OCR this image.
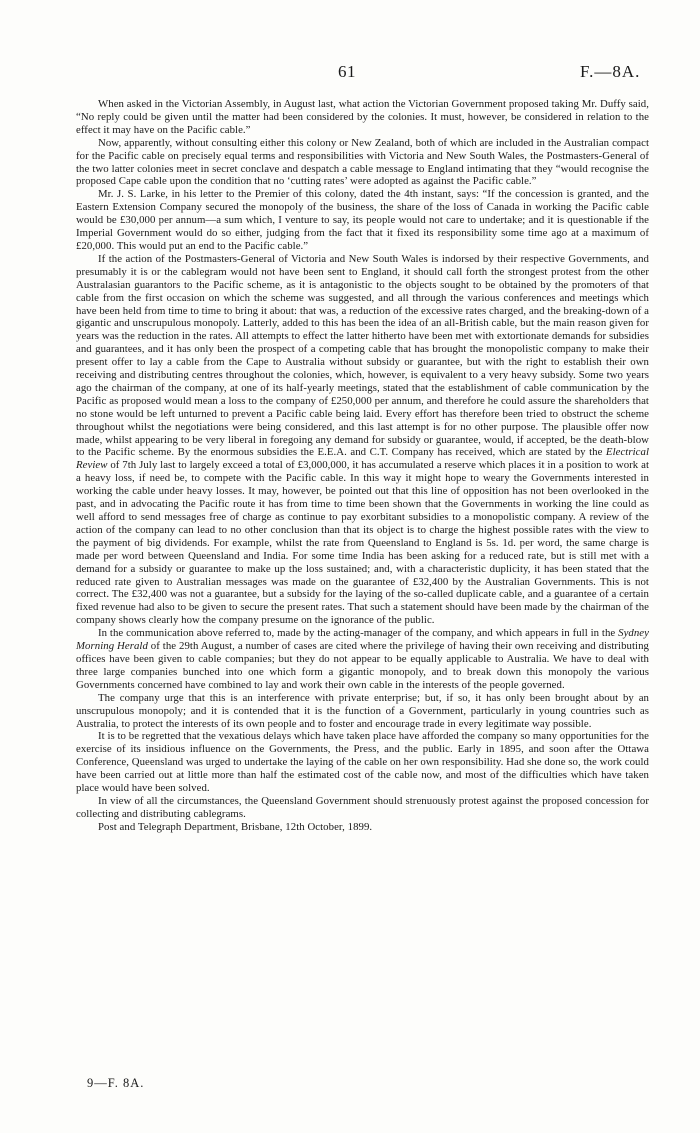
61	F.—8A.

When asked in the Victorian Assembly, in August last, what action the Victorian Government proposed taking Mr. Duffy said, “No reply could be given until the matter had been considered by the colonies. It must, however, be considered in relation to the effect it may have on the Pacific cable.”

Now, apparently, without consulting either this colony or New Zealand, both of which are included in the Australian compact for the Pacific cable on precisely equal terms and responsibilities with Victoria and New South Wales, the Postmasters-General of the two latter colonies meet in secret conclave and despatch a cable message to England intimating that they “would recognise the proposed Cape cable upon the condition that no ‘cutting rates’ were adopted as against the Pacific cable.”

Mr. J. S. Larke, in his letter to the Premier of this colony, dated the 4th instant, says: “If the concession is granted, and the Eastern Extension Company secured the monopoly of the business, the share of the loss of Canada in working the Pacific cable would be £30,000 per annum—a sum which, I venture to say, its people would not care to undertake; and it is questionable if the Imperial Government would do so either, judging from the fact that it fixed its responsibility some time ago at a maximum of £20,000. This would put an end to the Pacific cable.”

If the action of the Postmasters-General of Victoria and New South Wales is indorsed by their respective Governments, and presumably it is or the cablegram would not have been sent to England, it should call forth the strongest protest from the other Australasian guarantors to the Pacific scheme, as it is antagonistic to the objects sought to be obtained by the promoters of that cable from the first occasion on which the scheme was suggested, and all through the various conferences and meetings which have been held from time to time to bring it about: that was, a reduction of the excessive rates charged, and the breaking-down of a gigantic and unscrupulous monopoly. Latterly, added to this has been the idea of an all-British cable, but the main reason given for years was the reduction in the rates. All attempts to effect the latter hitherto have been met with extortionate demands for subsidies and guarantees, and it has only been the prospect of a competing cable that has brought the monopolistic company to make their present offer to lay a cable from the Cape to Australia without subsidy or guarantee, but with the right to establish their own receiving and distributing centres throughout the colonies, which, however, is equivalent to a very heavy subsidy. Some two years ago the chairman of the company, at one of its half-yearly meetings, stated that the establishment of cable communication by the Pacific as proposed would mean a loss to the company of £250,000 per annum, and therefore he could assure the shareholders that no stone would be left unturned to prevent a Pacific cable being laid. Every effort has therefore been tried to obstruct the scheme throughout whilst the negotiations were being considered, and this last attempt is for no other purpose. The plausible offer now made, whilst appearing to be very liberal in foregoing any demand for subsidy or guarantee, would, if accepted, be the death-blow to the Pacific scheme. By the enormous subsidies the E.E.A. and C.T. Company has received, which are stated by the Electrical Review of 7th July last to largely exceed a total of £3,000,000, it has accumulated a reserve which places it in a position to work at a heavy loss, if need be, to compete with the Pacific cable. In this way it might hope to weary the Governments interested in working the cable under heavy losses. It may, however, be pointed out that this line of opposition has not been overlooked in the past, and in advocating the Pacific route it has from time to time been shown that the Governments in working the line could as well afford to send messages free of charge as continue to pay exorbitant subsidies to a monopolistic company. A review of the action of the company can lead to no other conclusion than that its object is to charge the highest possible rates with the view to the payment of big dividends. For example, whilst the rate from Queensland to England is 5s. 1d. per word, the same charge is made per word between Queensland and India. For some time India has been asking for a reduced rate, but is still met with a demand for a subsidy or guarantee to make up the loss sustained; and, with a characteristic duplicity, it has been stated that the reduced rate given to Australian messages was made on the guarantee of £32,400 by the Australian Governments. This is not correct. The £32,400 was not a guarantee, but a subsidy for the laying of the so-called duplicate cable, and a guarantee of a certain fixed revenue had also to be given to secure the present rates. That such a statement should have been made by the chairman of the company shows clearly how the company presume on the ignorance of the public.

In the communication above referred to, made by the acting-manager of the company, and which appears in full in the Sydney Morning Herald of the 29th August, a number of cases are cited where the privilege of having their own receiving and distributing offices have been given to cable companies; but they do not appear to be equally applicable to Australia. We have to deal with three large companies bunched into one which form a gigantic monopoly, and to break down this monopoly the various Governments concerned have combined to lay and work their own cable in the interests of the people governed.

The company urge that this is an interference with private enterprise; but, if so, it has only been brought about by an unscrupulous monopoly; and it is contended that it is the function of a Government, particularly in young countries such as Australia, to protect the interests of its own people and to foster and encourage trade in every legitimate way possible.

It is to be regretted that the vexatious delays which have taken place have afforded the company so many opportunities for the exercise of its insidious influence on the Governments, the Press, and the public. Early in 1895, and soon after the Ottawa Conference, Queensland was urged to undertake the laying of the cable on her own responsibility. Had she done so, the work could have been carried out at little more than half the estimated cost of the cable now, and most of the difficulties which have taken place would have been solved.

In view of all the circumstances, the Queensland Government should strenuously protest against the proposed concession for collecting and distributing cablegrams.

Post and Telegraph Department, Brisbane, 12th October, 1899.

9—F. 8A.
